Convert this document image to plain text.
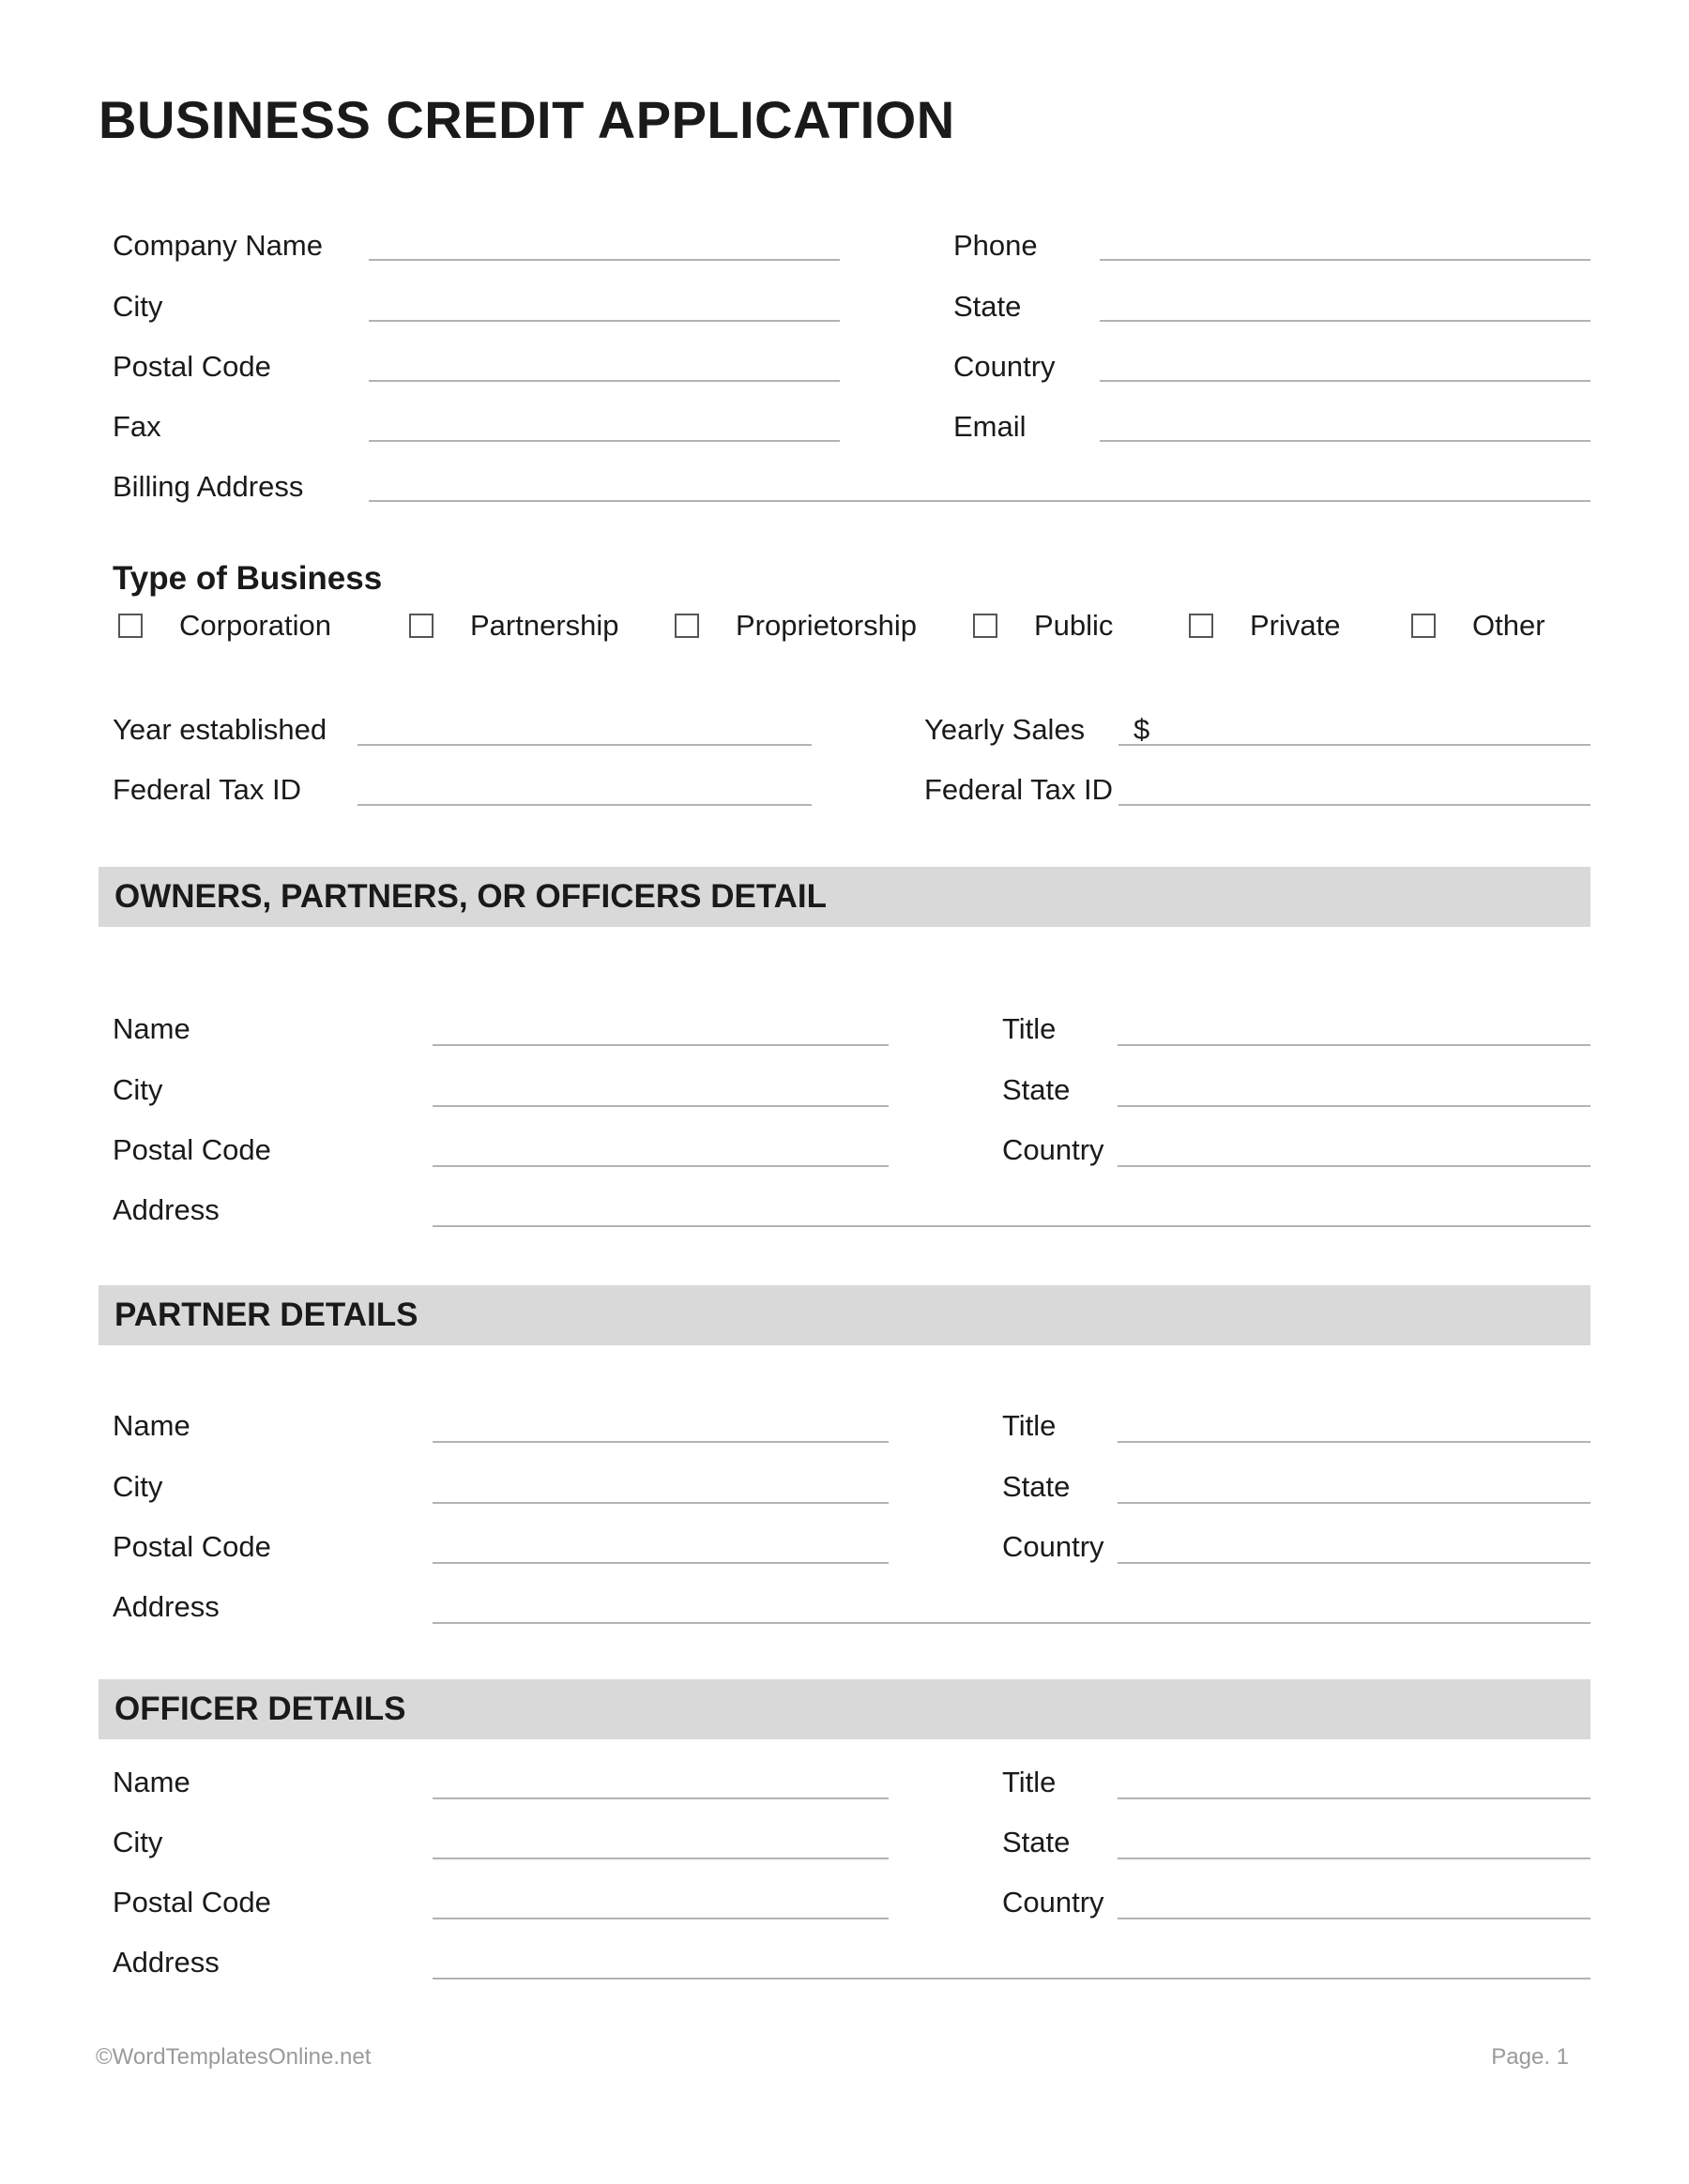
BUSINESS CREDIT APPLICATION
Company Name	Phone
City	State
Postal Code	Country
Fax	Email
Billing Address
Type of Business
Corporation	Partnership	Proprietorship	Public	Private	Other
Year established	Yearly Sales $
Federal Tax ID	Federal Tax ID
OWNERS, PARTNERS, OR OFFICERS DETAIL
Name	Title
City	State
Postal Code	Country
Address
PARTNER DETAILS
Name	Title
City	State
Postal Code	Country
Address
OFFICER DETAILS
Name	Title
City	State
Postal Code	Country
Address
©WordTemplatesOnline.net	Page. 1
